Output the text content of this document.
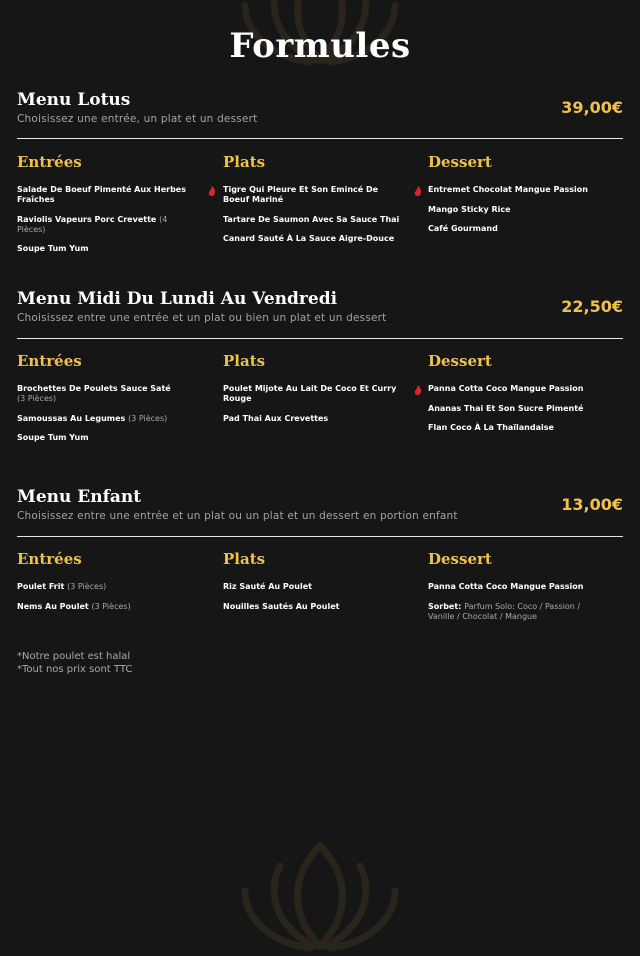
Formules
Menu Lotus
Choisissez une entrée, un plat et un dessert
39,00€
Entrées
Salade De Boeuf Pimenté Aux Herbes Fraîches
Raviolis Vapeurs Porc Crevette (4 Pièces)
Soupe Tum Yum
Plats
Tigre Qui Pleure Et Son Emincé De Boeuf Mariné
Tartare De Saumon Avec Sa Sauce Thai
Canard Sauté À La Sauce Aigre-Douce
Dessert
Entremet Chocolat Mangue Passion
Mango Sticky Rice
Café Gourmand
Menu Midi Du Lundi Au Vendredi
Choisissez entre une entrée et un plat ou bien un plat et un dessert
22,50€
Entrées
Brochettes De Poulets Sauce Saté
(3 Pièces)
Samoussas Au Legumes (3 Pièces)
Soupe Tum Yum
Plats
Poulet Mijote Au Lait De Coco Et Curry Rouge
Pad Thai Aux Crevettes
Dessert
Panna Cotta Coco Mangue Passion
Ananas Thai Et Son Sucre Pimenté
Flan Coco À La Thaïlandaise
Menu Enfant
Choisissez entre une entrée et un plat ou un plat et un dessert en portion enfant
13,00€
Entrées
Poulet Frit (3 Pièces)
Nems Au Poulet (3 Pièces)
Plats
Riz Sauté Au Poulet
Nouilles Sautés Au Poulet
Dessert
Panna Cotta Coco Mangue Passion
Sorbet: Parfum Solo: Coco / Passion / Vanille / Chocolat / Mangue
*Notre poulet est halal
*Tout nos prix sont TTC
